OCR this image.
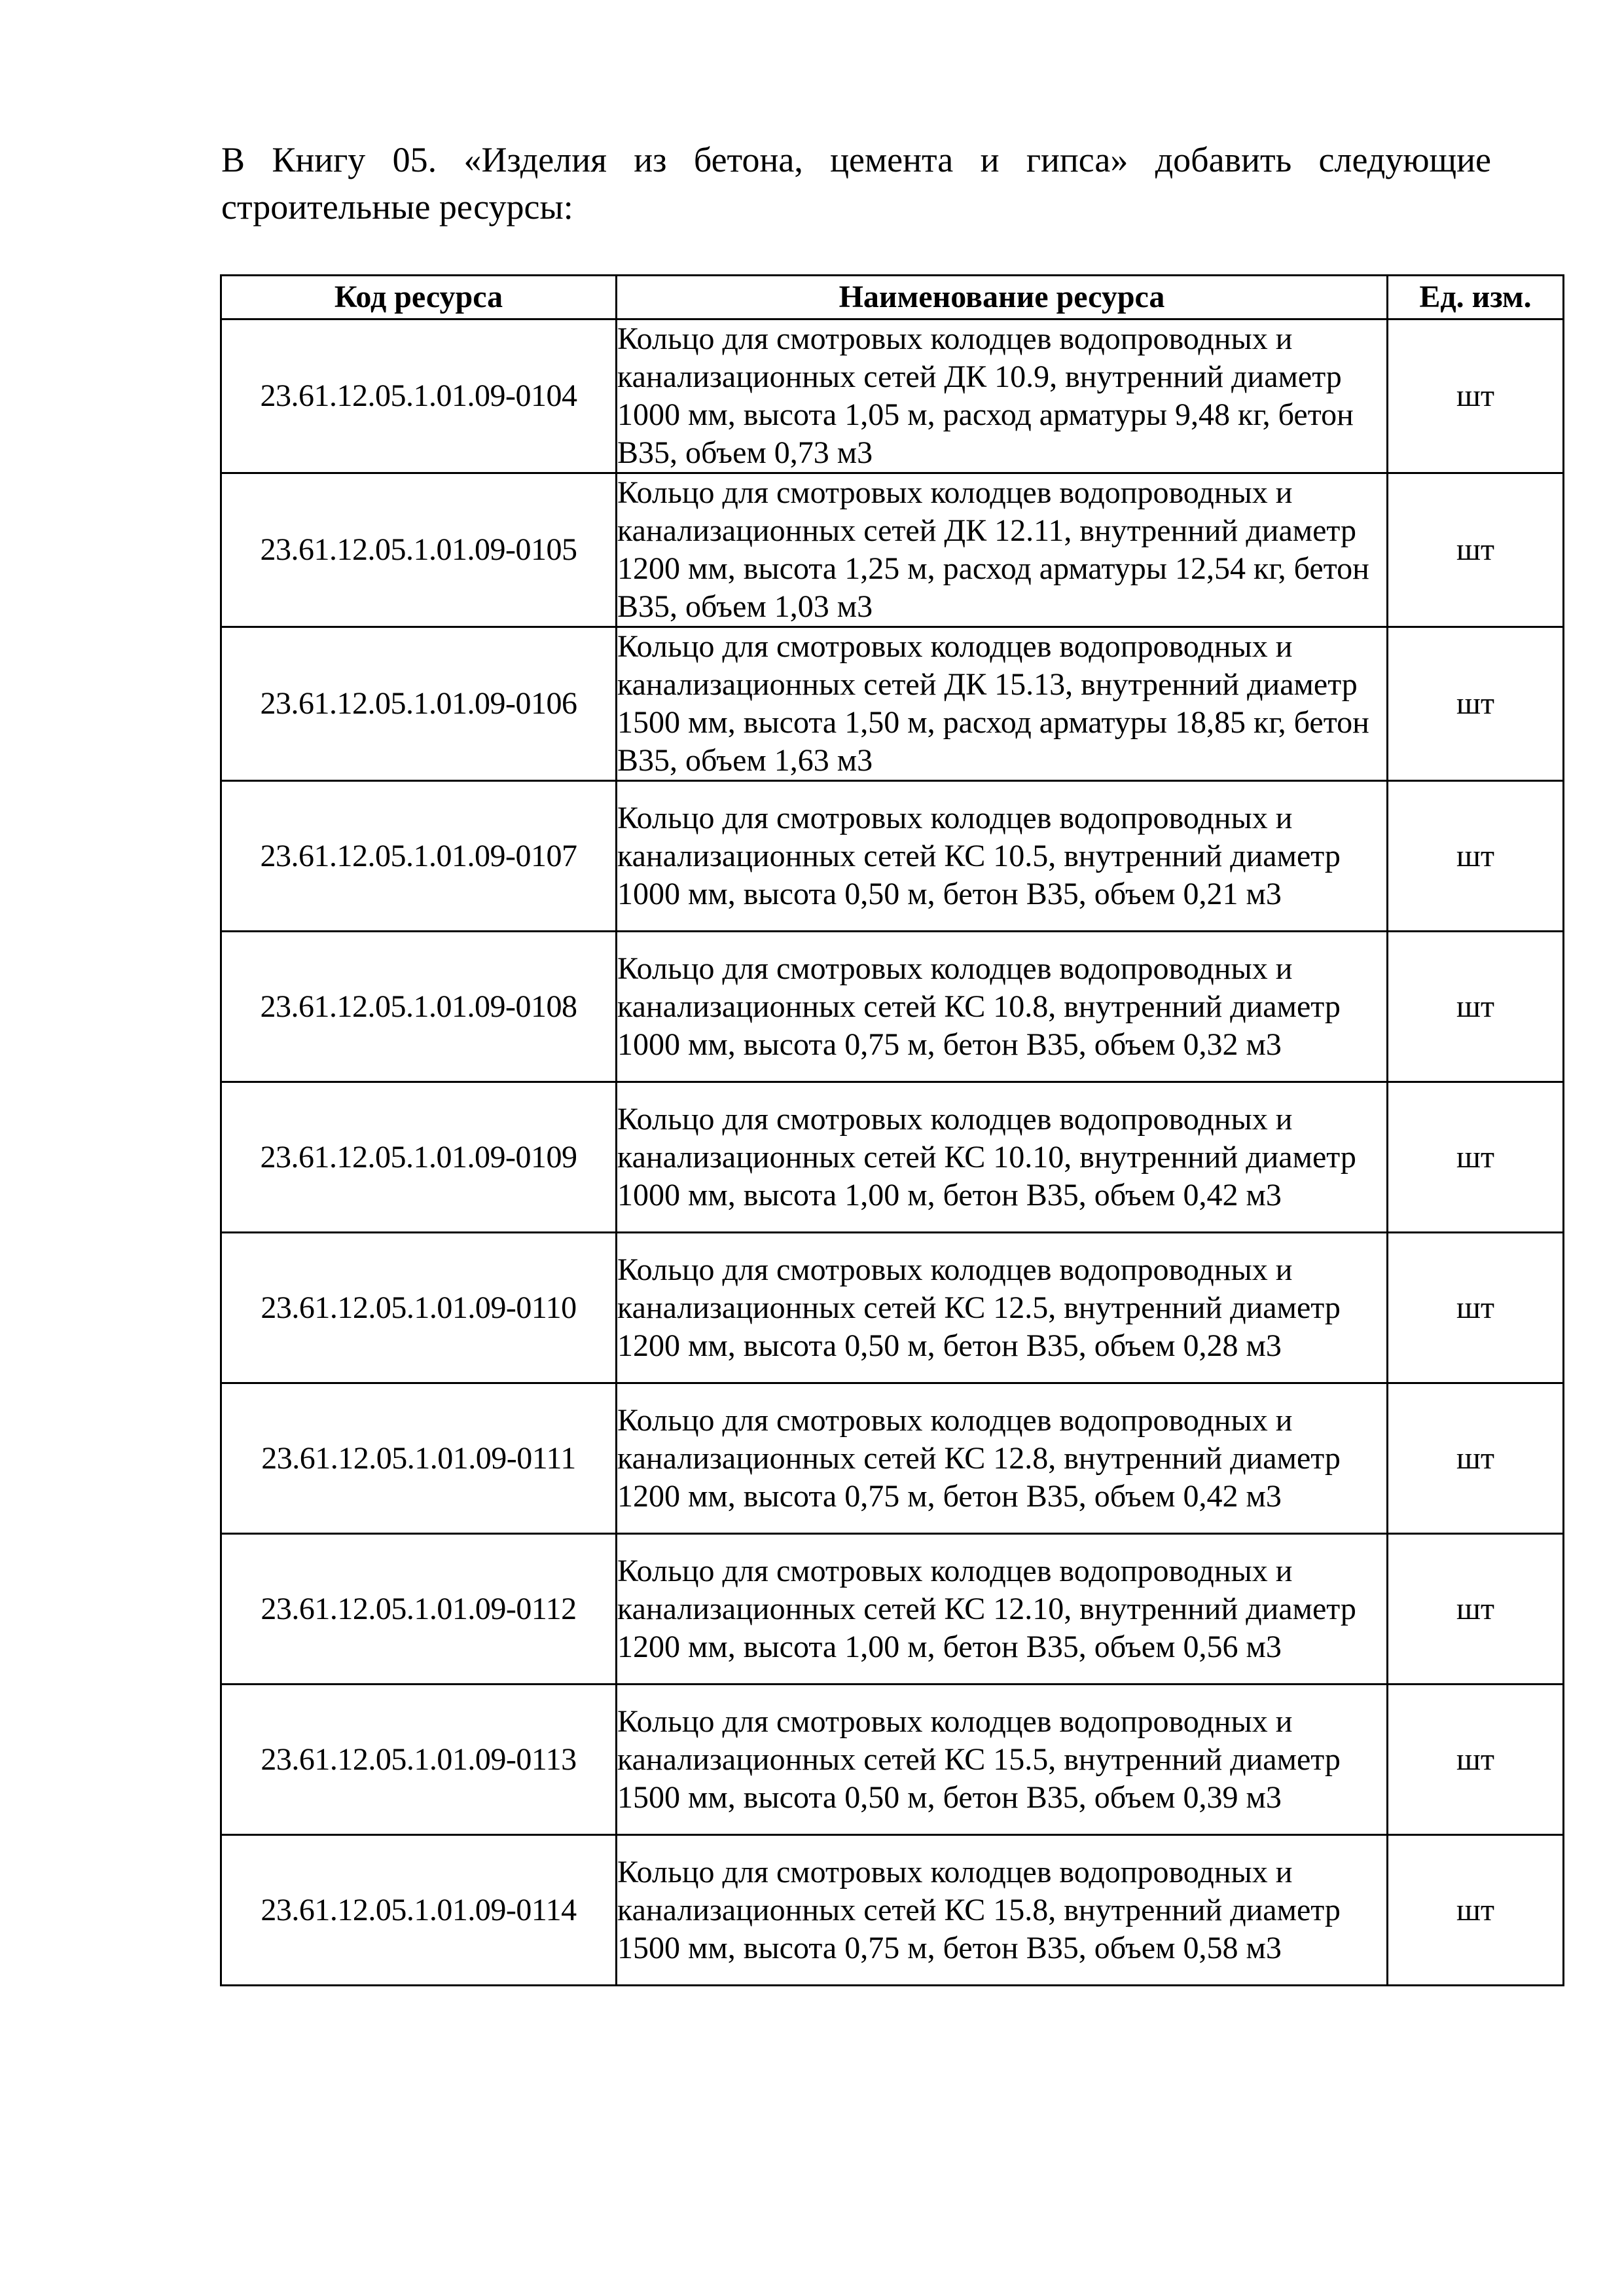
В Книгу 05. «Изделия из бетона, цемента и гипса» добавить следующие
строительные ресурсы:
Код ресурса	Наименование ресурса	Ед. изм.
23.61.12.05.1.01.09-0104	Кольцо для смотровых колодцев водопроводных и канализационных сетей ДК 10.9, внутренний диаметр 1000 мм, высота 1,05 м, расход арматуры 9,48 кг, бетон B35, объем 0,73 м3	шт
23.61.12.05.1.01.09-0105	Кольцо для смотровых колодцев водопроводных и канализационных сетей ДК 12.11, внутренний диаметр 1200 мм, высота 1,25 м, расход арматуры 12,54 кг, бетон B35, объем 1,03 м3	шт
23.61.12.05.1.01.09-0106	Кольцо для смотровых колодцев водопроводных и канализационных сетей ДК 15.13, внутренний диаметр 1500 мм, высота 1,50 м, расход арматуры 18,85 кг, бетон B35, объем 1,63 м3	шт
23.61.12.05.1.01.09-0107	Кольцо для смотровых колодцев водопроводных и канализационных сетей КС 10.5, внутренний диаметр 1000 мм, высота 0,50 м, бетон B35, объем 0,21 м3	шт
23.61.12.05.1.01.09-0108	Кольцо для смотровых колодцев водопроводных и канализационных сетей КС 10.8, внутренний диаметр 1000 мм, высота 0,75 м, бетон B35, объем 0,32 м3	шт
23.61.12.05.1.01.09-0109	Кольцо для смотровых колодцев водопроводных и канализационных сетей КС 10.10, внутренний диаметр 1000 мм, высота 1,00 м, бетон B35, объем 0,42 м3	шт
23.61.12.05.1.01.09-0110	Кольцо для смотровых колодцев водопроводных и канализационных сетей КС 12.5, внутренний диаметр 1200 мм, высота 0,50 м, бетон B35, объем 0,28 м3	шт
23.61.12.05.1.01.09-0111	Кольцо для смотровых колодцев водопроводных и канализационных сетей КС 12.8, внутренний диаметр 1200 мм, высота 0,75 м, бетон B35, объем 0,42 м3	шт
23.61.12.05.1.01.09-0112	Кольцо для смотровых колодцев водопроводных и канализационных сетей КС 12.10, внутренний диаметр 1200 мм, высота 1,00 м, бетон B35, объем 0,56 м3	шт
23.61.12.05.1.01.09-0113	Кольцо для смотровых колодцев водопроводных и канализационных сетей КС 15.5, внутренний диаметр 1500 мм, высота 0,50 м, бетон B35, объем 0,39 м3	шт
23.61.12.05.1.01.09-0114	Кольцо для смотровых колодцев водопроводных и канализационных сетей КС 15.8, внутренний диаметр 1500 мм, высота 0,75 м, бетон B35, объем 0,58 м3	шт
